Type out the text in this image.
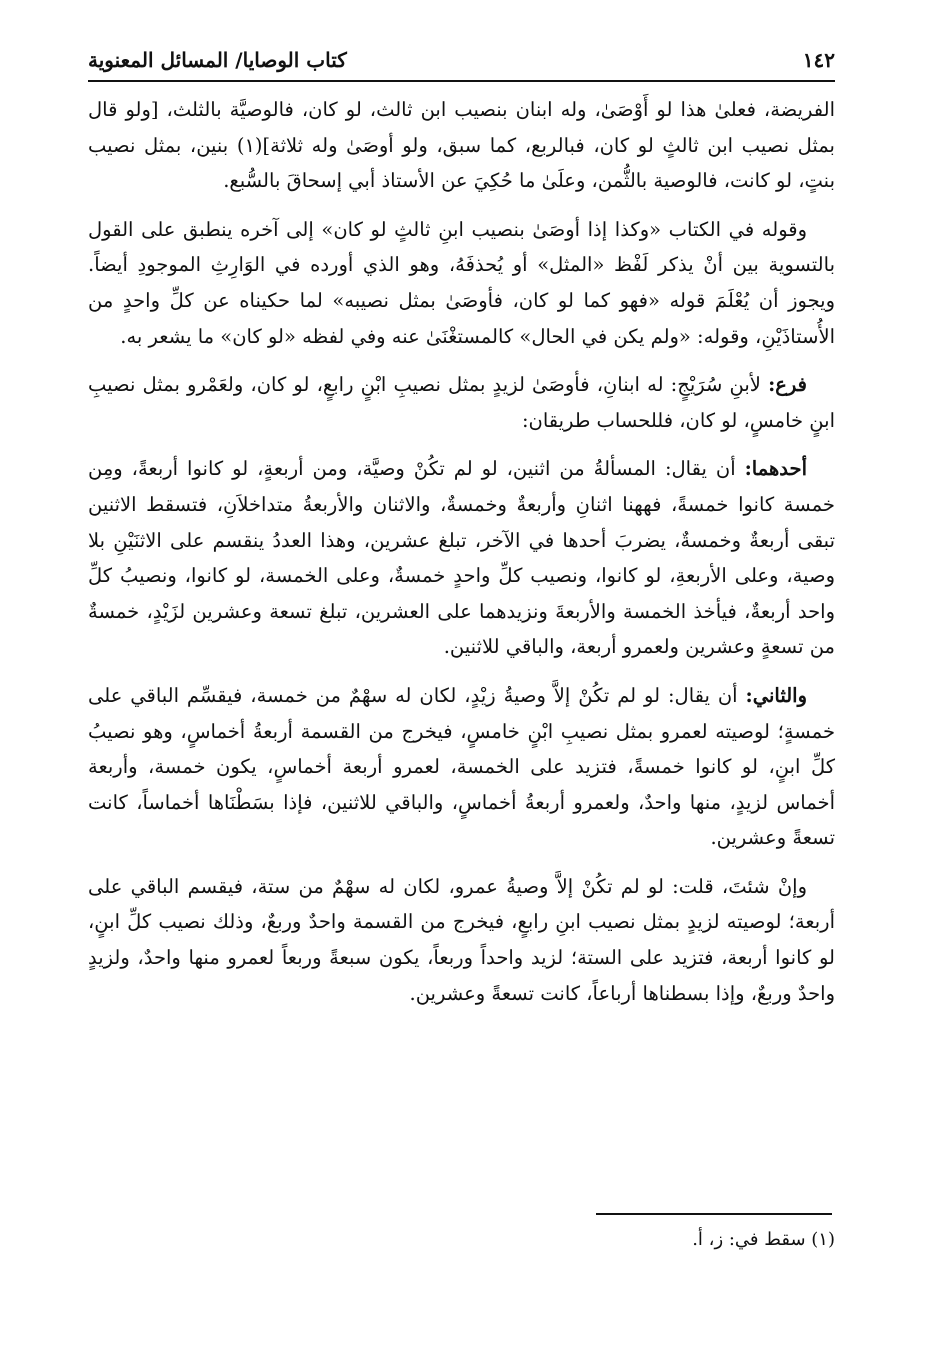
١٤٢
كتاب الوصايا/ المسائل المعنوية

الفريضة، فعلىٰ هذا لو أَوْصَىٰ، وله ابنان بنصيب ابن ثالث، لو كان، فالوصيَّة بالثلث، [ولو قال بمثل نصيب ابن ثالثٍ لو كان، فبالربع، كما سبق، ولو أوصَىٰ وله ثلاثة](١) بنين، بمثل نصيب بنتٍ، لو كانت، فالوصية بالثُّمن، وعلَىٰ ما حُكِيَ عن الأستاذ أبي إسحاقَ بالسُّبع.

وقوله في الكتاب «وكذا إذا أوصَىٰ بنصيب ابنِ ثالثٍ لو كان» إلى آخره ينطبق على القول بالتسوية بين أنْ يذكر لَفْظ «المثل» أو يُحذفَهُ، وهو الذي أورده في الوَارِثِ الموجودِ أيضاً. ويجوز أن يُعْلَمَ قوله «فهو كما لو كان، فأوصَىٰ بمثل نصيبه» لما حكيناه عن كلِّ واحدٍ من الأُستاذَيْنِ، وقوله: «ولم يكن في الحال» كالمستغْنَىٰ عنه وفي لفظه «لو كان» ما يشعر به.

فرع: لأبنِ سُرَيْجٍ: له ابنانِ، فأوصَىٰ لزيدٍ بمثل نصيبِ ابْنٍ رابعٍ، لو كان، ولعَمْرو بمثل نصيبِ ابنٍ خامسٍ، لو كان، فللحساب طريقان:

أحدهما: أن يقال: المسألةُ من اثنين، لو لم تكُنْ وصيَّة، ومن أربعةٍ، لو كانوا أربعةً، ومِن خمسة كانوا خمسةً، فههنا اثنانِ وأربعةٌ وخمسةٌ، والاثنان والأربعةُ متداخلاَنِ، فتسقط الاثنين تبقى أربعةٌ وخمسةٌ، يضربَ أحدها في الآخر، تبلغ عشرين، وهذا العددُ ينقسم على الاثنَيْنِ بلا وصية، وعلى الأربعةِ، لو كانوا، ونصيب كلِّ واحدٍ خمسةٌ، وعلى الخمسة، لو كانوا، ونصيبُ كلِّ واحد أربعةٌ، فيأخذ الخمسة والأربعةَ ونزيدهما على العشرين، تبلغ تسعة وعشرين لزَيْدٍ، خمسةٌ من تسعةٍ وعشرين ولعمرو أربعة، والباقي للاثنين.

والثاني: أن يقال: لو لم تكُنْ إلاَّ وصيةُ زيْدٍ، لكان له سهْمٌ من خمسة، فيقسِّم الباقي على خمسةٍ؛ لوصيته لعمرو بمثل نصيبِ ابْنٍ خامسٍ، فيخرج من القسمة أربعةُ أخماسٍ، وهو نصيبُ كلِّ ابنٍ، لو كانوا خمسةً، فتزيد على الخمسة، لعمرو أربعة أخماسٍ، يكون خمسة، وأربعة أخماس لزيدٍ، منها واحدٌ، ولعمرو أربعةُ أخماسٍ، والباقي للاثنين، فإذا بسَطْنَاها أخماساً، كانت تسعةً وعشرين.

وإنْ شئتَ، قلت: لو لم تكُنْ إلاَّ وصيةُ عمرو، لكان له سهْمٌ من ستة، فيقسم الباقي على أربعة؛ لوصيته لزيدٍ بمثل نصيب ابنِ رابعٍ، فيخرج من القسمة واحدٌ وربعٌ، وذلك نصيب كلِّ ابنٍ، لو كانوا أربعة، فتزيد على الستة؛ لزيد واحداً وربعاً، يكون سبعةً وربعاً لعمرو منها واحدٌ، ولزيدٍ واحدٌ وربعٌ، وإذا بسطناها أرباعاً، كانت تسعةً وعشرين.

(١) سقط في: ز، أ.
